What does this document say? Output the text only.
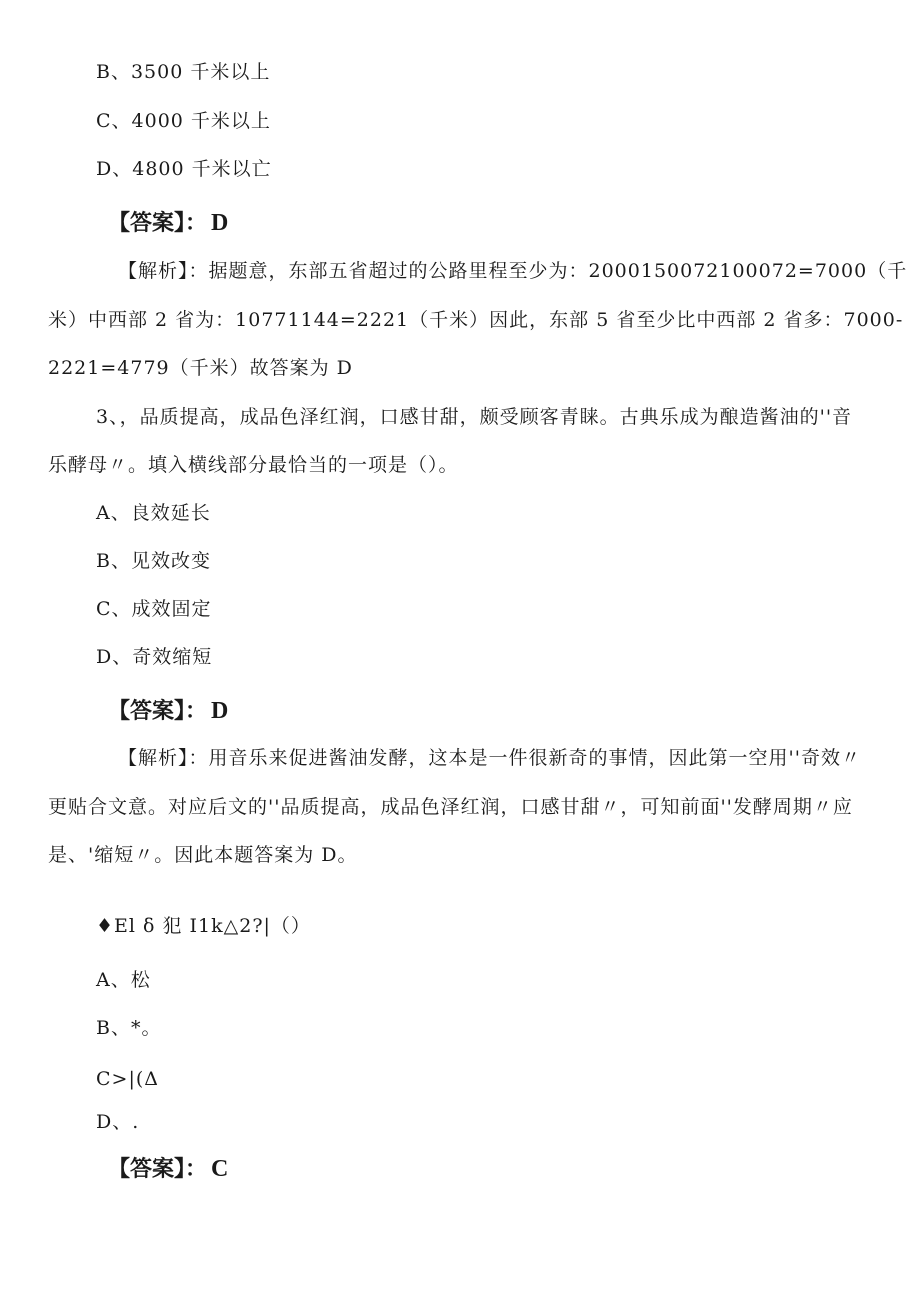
B、3500 千米以上
C、4000 千米以上
D、4800 千米以亡
【答案】： D
【解析】：据题意，东部五省超过的公路里程至少为：2000150072100072=7000（千
米）中西部 2 省为：10771144=2221（千米）因此，东部 5 省至少比中西部 2 省多：7000-
2221=4779（千米）故答案为 D
3、，品质提高，成品色泽红润，口感甘甜，颇受顾客青睐。古典乐成为酿造酱油的''音
乐酵母〃。填入横线部分最恰当的一项是（）。
A、良效延长
B、见效改变
C、成效固定
D、奇效缩短
【答案】： D
【解析】：用音乐来促进酱油发酵，这本是一件很新奇的事情，因此第一空用''奇效〃
更贴合文意。对应后文的''品质提高，成品色泽红润，口感甘甜〃，可知前面''发酵周期〃应
是、'缩短〃。因此本题答案为 D。
♦El δ 犯 I1k△2?|（）
A、松
B、*。
C>|(Δ
D、.
【答案】： C
